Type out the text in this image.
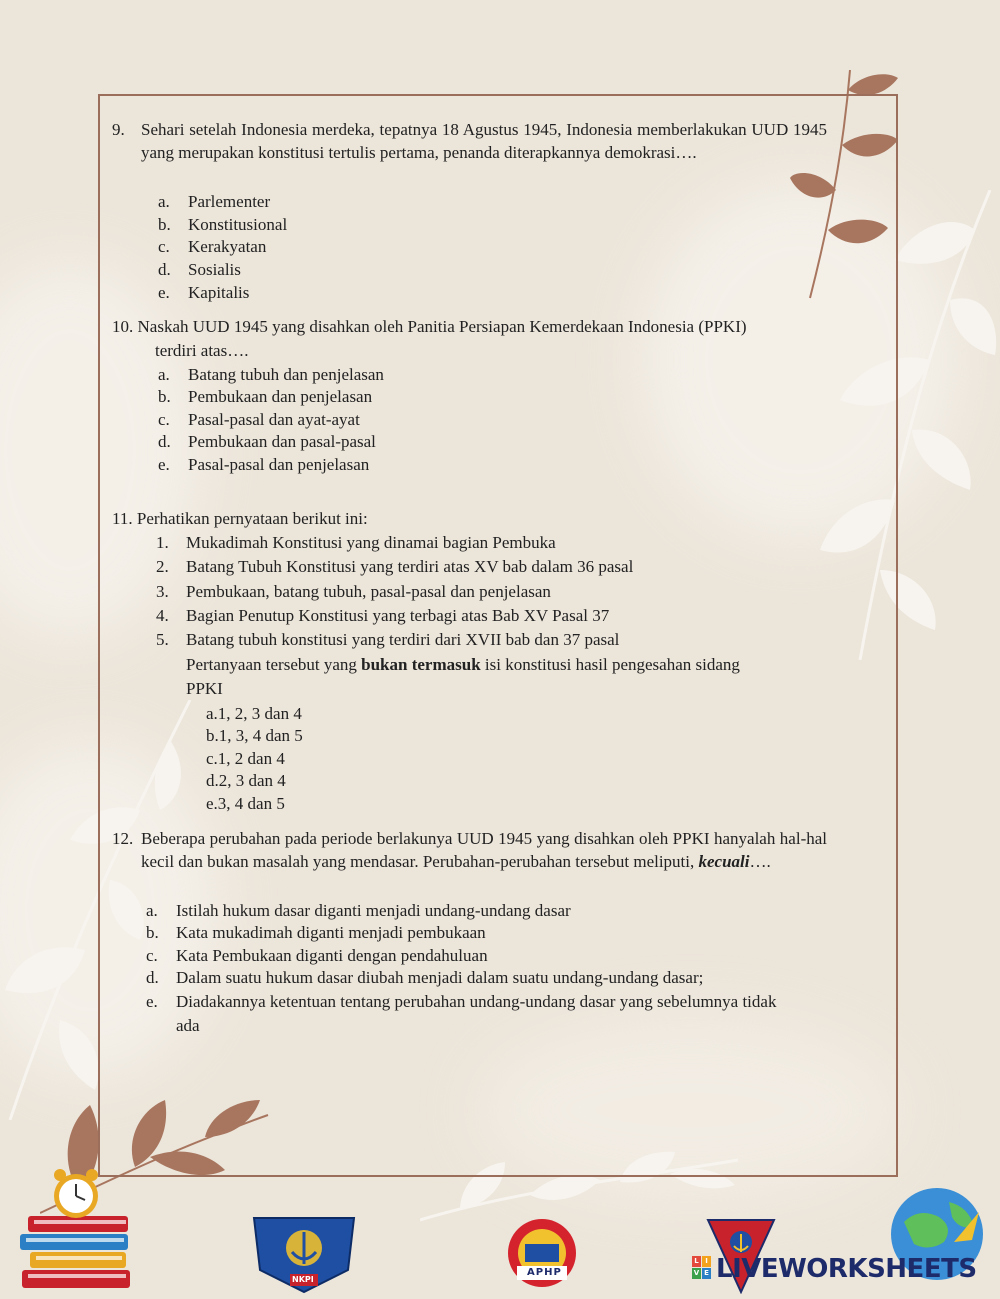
9. Sehari setelah Indonesia merdeka, tepatnya 18 Agustus 1945, Indonesia memberlakukan UUD 1945 yang merupakan konstitusi tertulis pertama, penanda diterapkannya demokrasi….
a. Parlementer
b. Konstitusional
c. Kerakyatan
d. Sosialis
e. Kapitalis
10. Naskah UUD 1945 yang disahkan oleh Panitia Persiapan Kemerdekaan Indonesia (PPKI)
terdiri atas….
a. Batang tubuh dan penjelasan
b. Pembukaan dan penjelasan
c. Pasal-pasal dan ayat-ayat
d. Pembukaan dan pasal-pasal
e. Pasal-pasal dan penjelasan
11. Perhatikan pernyataan berikut ini:
1. Mukadimah Konstitusi yang dinamai bagian Pembuka
2. Batang Tubuh Konstitusi yang terdiri atas XV bab dalam 36 pasal
3. Pembukaan, batang tubuh, pasal-pasal dan penjelasan
4. Bagian Penutup Konstitusi yang terbagi atas Bab XV Pasal 37
5. Batang tubuh konstitusi yang terdiri dari XVII bab dan 37 pasal
Pertanyaan tersebut yang bukan termasuk isi konstitusi hasil pengesahan sidang
PPKI
a.1, 2, 3 dan 4
b.1, 3, 4 dan 5
c.1, 2 dan 4
d.2, 3 dan 4
e.3, 4 dan 5
12. Beberapa perubahan pada periode berlakunya UUD 1945 yang disahkan oleh PPKI hanyalah hal-hal kecil dan bukan masalah yang mendasar. Perubahan-perubahan tersebut meliputi, kecuali….
a. Istilah hukum dasar diganti menjadi undang-undang dasar
b. Kata mukadimah diganti menjadi pembukaan
c. Kata Pembukaan diganti dengan pendahuluan
d. Dalam suatu hukum dasar diubah menjadi dalam suatu undang-undang dasar;
e. Diadakannya ketentuan tentang perubahan undang-undang dasar yang sebelumnya tidak
ada
NKPI
APHP
L I
V E LIVEWORKSHEETS
